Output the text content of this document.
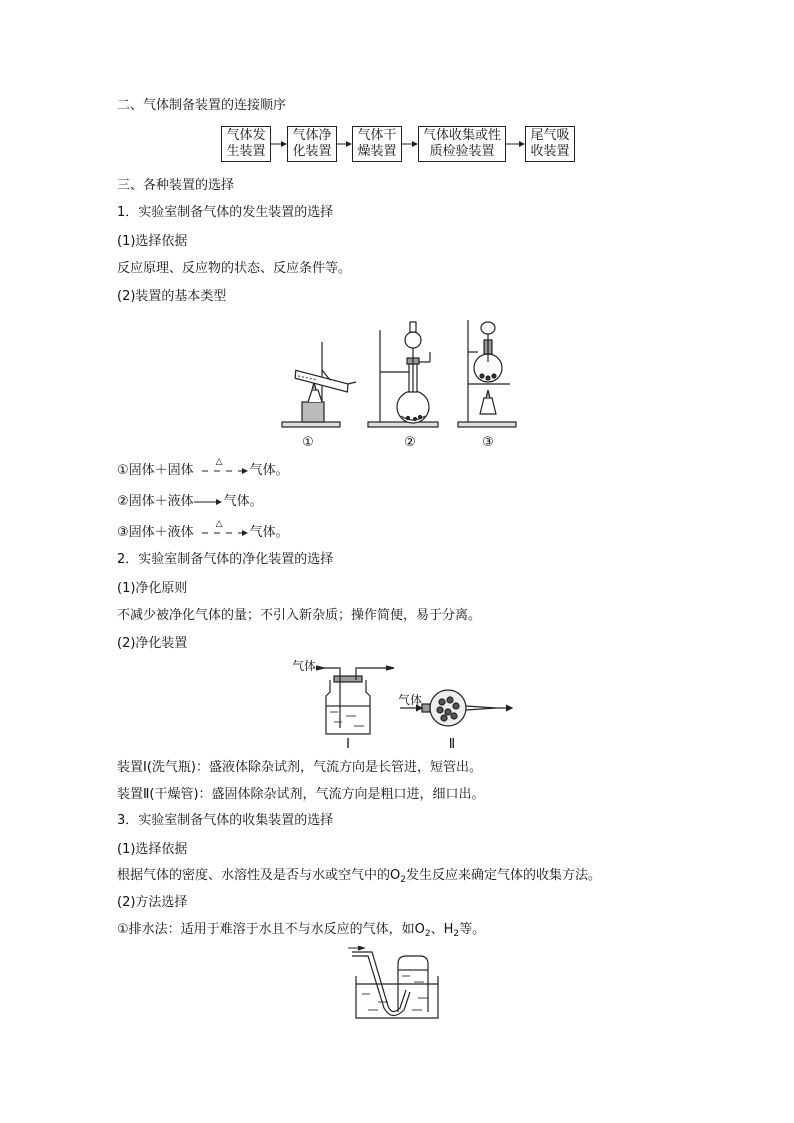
二、气体制备装置的连接顺序
气体发
生装置
气体净
化装置
气体干
燥装置
气体收集或性
质检验装置
尾气吸
收装置
三、各种装置的选择
1．实验室制备气体的发生装置的选择
(1)选择依据
反应原理、反应物的状态、反应条件等。
(2)装置的基本类型
①	②	③
①固体＋固体
△
气体。
②固体＋液体→气体。
③固体＋液体
△
气体。
2．实验室制备气体的净化装置的选择
(1)净化原则
不减少被净化气体的量；不引入新杂质；操作简便，易于分离。
(2)净化装置
气体
气体
Ⅰ	Ⅱ
装置Ⅰ(洗气瓶)：盛液体除杂试剂，气流方向是长管进，短管出。
装置Ⅱ(干燥管)：盛固体除杂试剂，气流方向是粗口进，细口出。
3．实验室制备气体的收集装置的选择
(1)选择依据
根据气体的密度、水溶性及是否与水或空气中的$O_2$发生反应来确定气体的收集方法。
(2)方法选择
①排水法：适用于难溶于水且不与水反应的气体，如$O_2$、$H_2$等。
